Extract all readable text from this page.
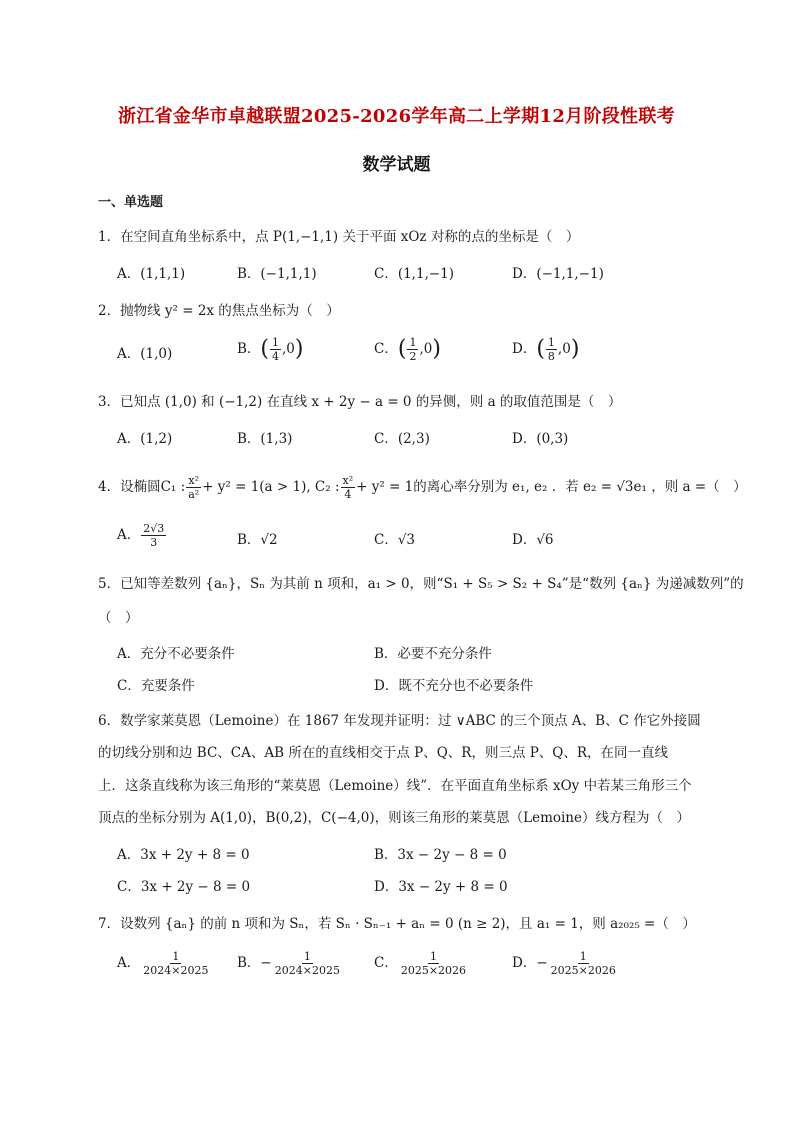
浙江省金华市卓越联盟2025-2026学年高二上学期12月阶段性联考
数学试题
一、单选题
1．在空间直角坐标系中，点 P(1,−1,1) 关于平面 xOz 对称的点的坐标是（　）
A．(1,1,1)	B．(−1,1,1)	C．(1,1,−1)	D．(−1,1,−1)
2．抛物线 y² = 2x 的焦点坐标为（　）
A．(1,0)	B．( $\frac{1}{4} ,0$)	C．( $\frac{1}{2} ,0$)	D．( $\frac{1}{8} ,0$)
3．已知点 (1,0) 和 (−1,2) 在直线 x + 2y − a = 0 的异侧，则 a 的取值范围是（　）
A．(1,2)	B．(1,3)	C．(2,3)	D．(0,3)
4．设椭圆C₁ : $\frac{\text{x²}}{\text{a²}} + y^2 = 1(a > 1)$, C₂ : $\frac{\text{x²}}{4} + y^2 = 1$的离心率分别为 e₁, e₂ ．若 e₂ = √3e₁ ，则 a =（　）
A． $\frac{2√3}{3}$	B．√2	C．√3	D．√6
5．已知等差数列 {aₙ}，Sₙ 为其前 n 项和，a₁ > 0，则“S₁ + S₅ > S₂ + S₄”是“数列 {aₙ} 为递减数列”的
（　）
A．充分不必要条件	B．必要不充分条件
C．充要条件	D．既不充分也不必要条件
6．数学家莱莫恩（Lemoine）在 1867 年发现并证明：过 ∨ABC 的三个顶点 A、B、C 作它外接圆
的切线分别和边 BC、CA、AB 所在的直线相交于点 P、Q、R，则三点 P、Q、R，在同一直线
上．这条直线称为该三角形的“莱莫恩（Lemoine）线”．在平面直角坐标系 xOy 中若某三角形三个
顶点的坐标分别为 A(1,0)，B(0,2)，C(−4,0)，则该三角形的莱莫恩（Lemoine）线方程为（　）
A．3x + 2y + 8 = 0	B．3x − 2y − 8 = 0
C．3x + 2y − 8 = 0	D．3x − 2y + 8 = 0
7．设数列 {aₙ} 的前 n 项和为 Sₙ，若 Sₙ · Sₙ₋₁ + aₙ = 0 (n ≥ 2)，且 a₁ = 1，则 a₂₀₂₅ =（　）
A． $\frac{1}{2024\times 2025}$ B．− $\frac{1}{2024\times 2025}$ C． $\frac{1}{2025\times 2026}$	D．− $\frac{1}{2025\times 2026}$
